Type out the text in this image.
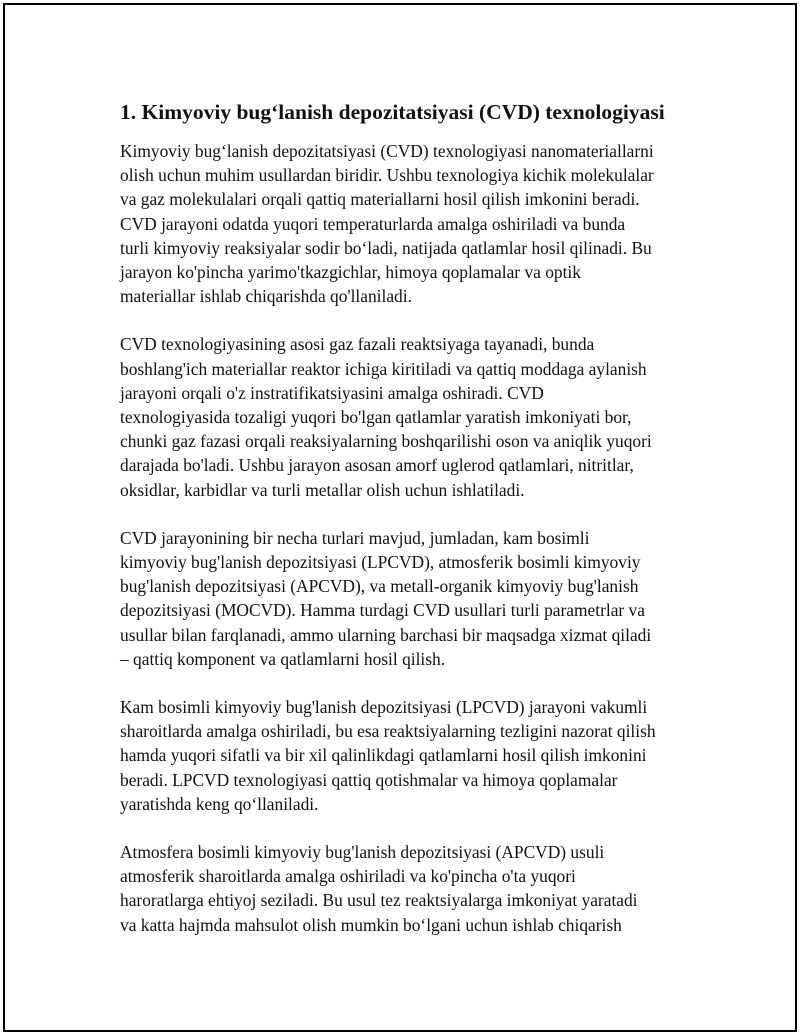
1. Kimyoviy bug‘lanish depozitatsiyasi (CVD) texnologiyasi

Kimyoviy bug‘lanish depozitatsiyasi (CVD) texnologiyasi nanomateriallarni
olish uchun muhim usullardan biridir. Ushbu texnologiya kichik molekulalar
va gaz molekulalari orqali qattiq materiallarni hosil qilish imkonini beradi.
CVD jarayoni odatda yuqori temperaturlarda amalga oshiriladi va bunda
turli kimyoviy reaksiyalar sodir bo‘ladi, natijada qatlamlar hosil qilinadi. Bu
jarayon ko'pincha yarimo'tkazgichlar, himoya qoplamalar va optik
materiallar ishlab chiqarishda qo'llaniladi.

CVD texnologiyasining asosi gaz fazali reaktsiyaga tayanadi, bunda
boshlang'ich materiallar reaktor ichiga kiritiladi va qattiq moddaga aylanish
jarayoni orqali o'z instratifikatsiyasini amalga oshiradi. CVD
texnologiyasida tozaligi yuqori bo'lgan qatlamlar yaratish imkoniyati bor,
chunki gaz fazasi orqali reaksiyalarning boshqarilishi oson va aniqlik yuqori
darajada bo'ladi. Ushbu jarayon asosan amorf uglerod qatlamlari, nitritlar,
oksidlar, karbidlar va turli metallar olish uchun ishlatiladi.

CVD jarayonining bir necha turlari mavjud, jumladan, kam bosimli
kimyoviy bug'lanish depozitsiyasi (LPCVD), atmosferik bosimli kimyoviy
bug'lanish depozitsiyasi (APCVD), va metall-organik kimyoviy bug'lanish
depozitsiyasi (MOCVD). Hamma turdagi CVD usullari turli parametrlar va
usullar bilan farqlanadi, ammo ularning barchasi bir maqsadga xizmat qiladi
– qattiq komponent va qatlamlarni hosil qilish.

Kam bosimli kimyoviy bug'lanish depozitsiyasi (LPCVD) jarayoni vakumli
sharoitlarda amalga oshiriladi, bu esa reaktsiyalarning tezligini nazorat qilish
hamda yuqori sifatli va bir xil qalinlikdagi qatlamlarni hosil qilish imkonini
beradi. LPCVD texnologiyasi qattiq qotishmalar va himoya qoplamalar
yaratishda keng qo‘llaniladi.

Atmosfera bosimli kimyoviy bug'lanish depozitsiyasi (APCVD) usuli
atmosferik sharoitlarda amalga oshiriladi va ko'pincha o'ta yuqori
haroratlarga ehtiyoj seziladi. Bu usul tez reaktsiyalarga imkoniyat yaratadi
va katta hajmda mahsulot olish mumkin bo‘lgani uchun ishlab chiqarish
